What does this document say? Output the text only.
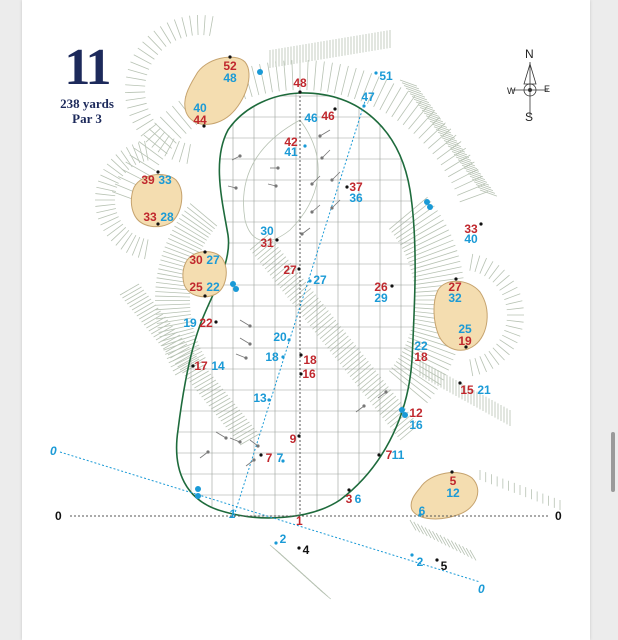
11
238 yards
Par 3
0	0
0
0
1
1
N
S
E
W
52
48
40
44
48	51
47
46 46
42
41
39 33
33 28
37
36
30
31
33
40
30 27
27
27	26
29
27
32
25 22
19 22	25
19
20
22
18
18 18
17 14
16
15 21
13
12
16
9
7 7	7 11
5
12
3 6
6
2
4
2 5
